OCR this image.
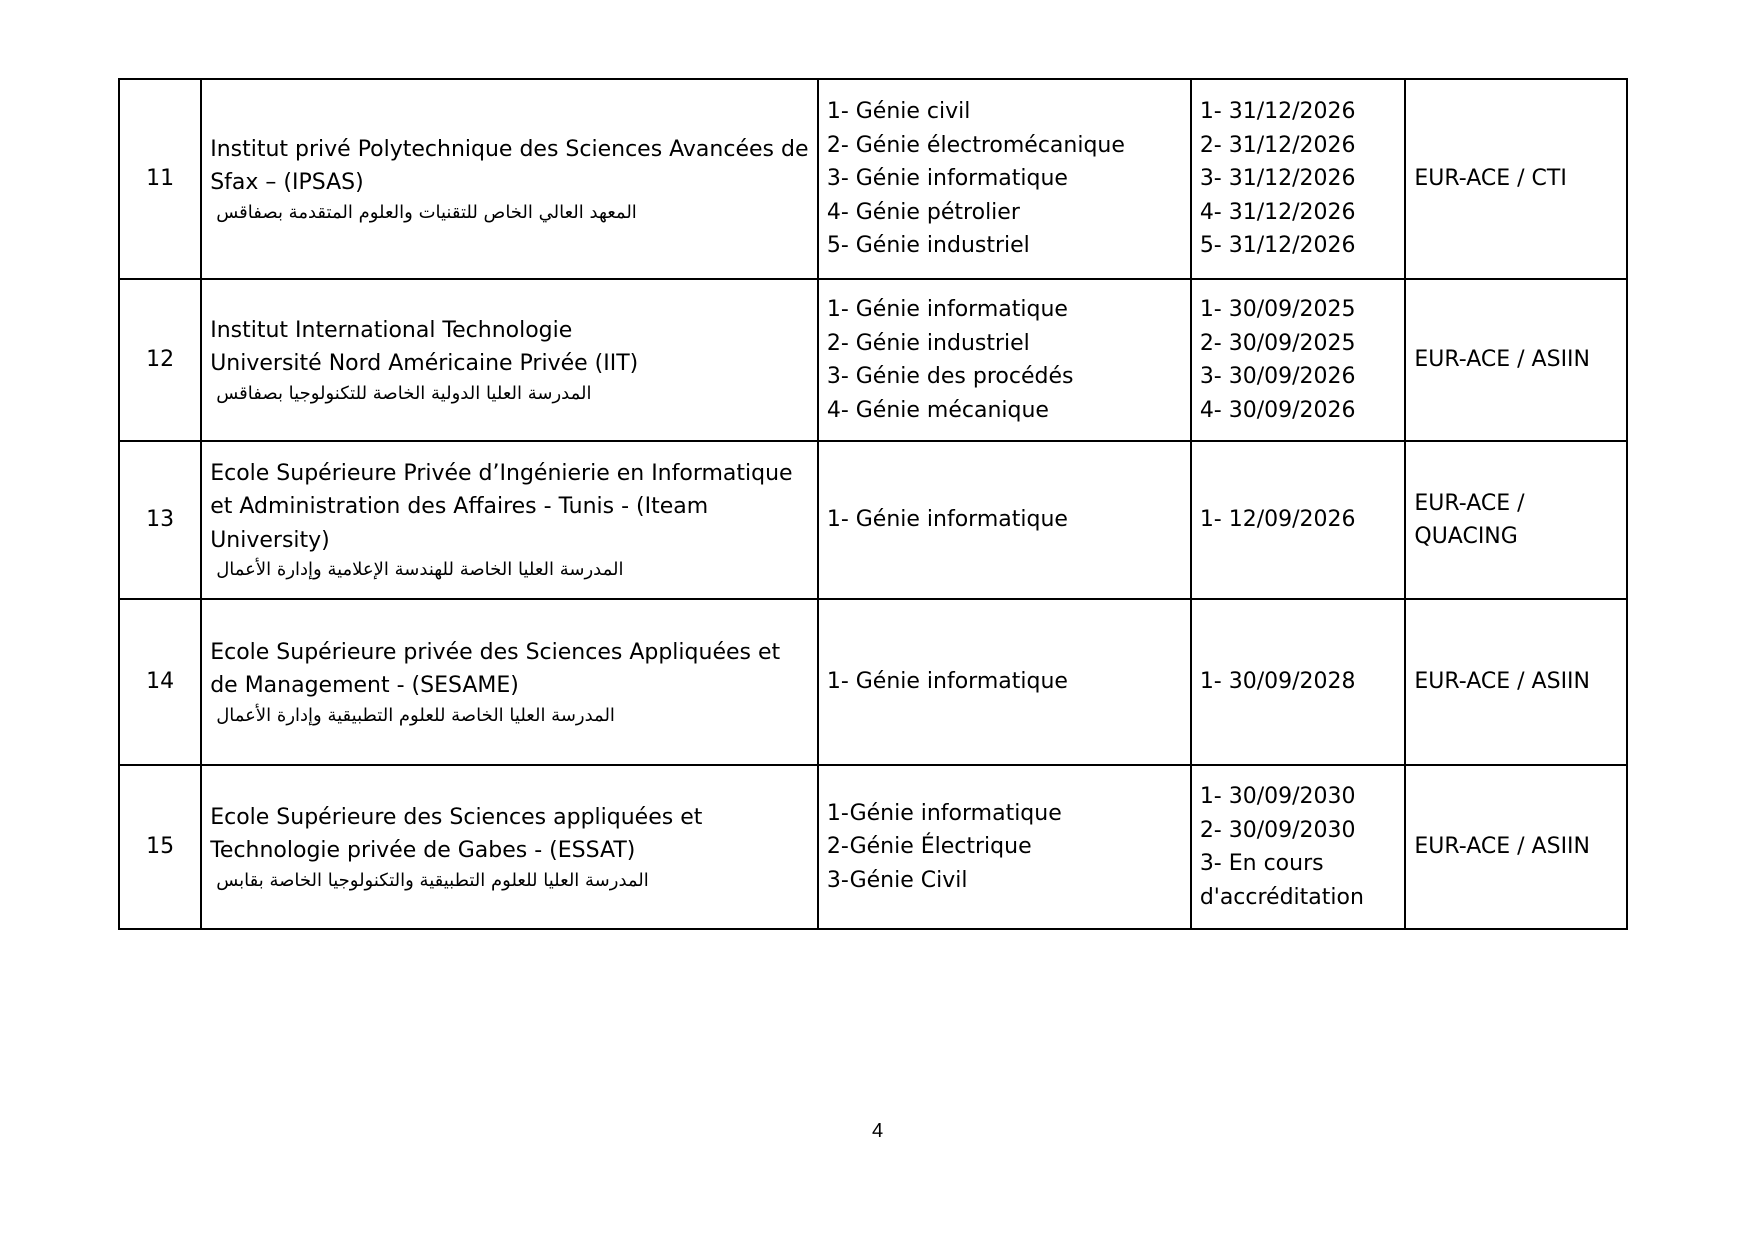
11	Institut privé Polytechnique des Sciences Avancées de Sfax – (IPSAS)
المعهد العالي الخاص للتقنيات والعلوم المتقدمة بصفاقس	1- Génie civil
2- Génie électromécanique
3- Génie informatique
4- Génie pétrolier
5- Génie industriel	1- 31/12/2026
2- 31/12/2026
3- 31/12/2026
4- 31/12/2026
5- 31/12/2026	EUR-ACE / CTI
12	Institut International Technologie
Université Nord Américaine Privée (IIT)
المدرسة العليا الدولية الخاصة للتكنولوجيا بصفاقس	1- Génie informatique
2- Génie industriel
3- Génie des procédés
4- Génie mécanique	1- 30/09/2025
2- 30/09/2025
3- 30/09/2026
4- 30/09/2026	EUR-ACE / ASIIN
13	Ecole Supérieure Privée d’Ingénierie en Informatique et Administration des Affaires - Tunis - (Iteam University)
المدرسة العليا الخاصة للهندسة الإعلامية وإدارة الأعمال	1- Génie informatique	1- 12/09/2026	EUR-ACE / QUACING
14	Ecole Supérieure privée des Sciences Appliquées et de Management - (SESAME)
المدرسة العليا الخاصة للعلوم التطبيقية وإدارة الأعمال	1- Génie informatique	1- 30/09/2028	EUR-ACE / ASIIN
15	Ecole Supérieure des Sciences appliquées et Technologie privée de Gabes - (ESSAT)
المدرسة العليا للعلوم التطبيقية والتكنولوجيا الخاصة بقابس	1-Génie informatique
2-Génie Électrique
3-Génie Civil	1- 30/09/2030
2- 30/09/2030
3- En cours d'accréditation	EUR-ACE / ASIIN
4
